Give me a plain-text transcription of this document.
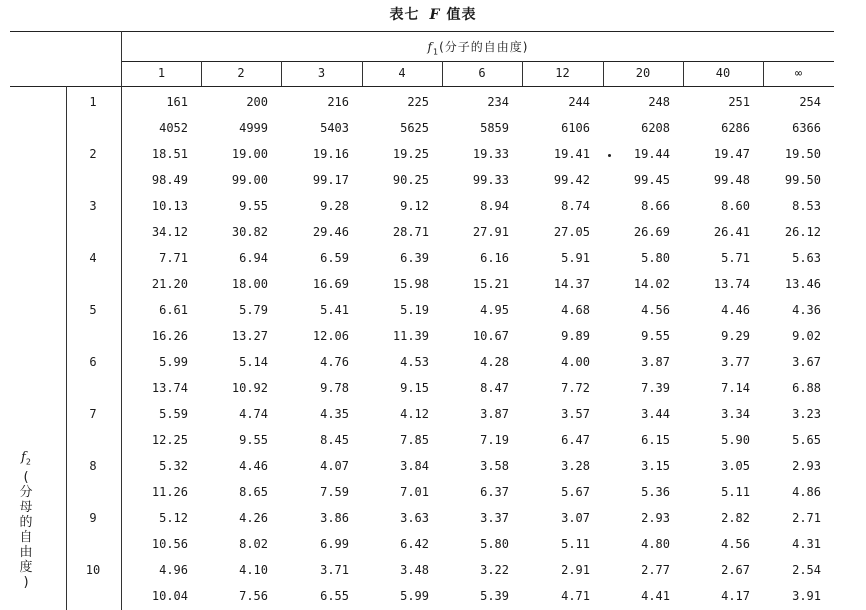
表七 F 值表
$f_1$(分子的自由度)
1	2	3	4	6	12	20	40	∞
$f_2$
(
分
母
的
自
由
度
)
1	161	200	216	225	234	244	248	251	254
4052	4999	5403	5625	5859	6106	6208	6286	6366
2	18.51	19.00	19.16	19.25	19.33	19.41	19.44	19.47	19.50
98.49	99.00	99.17	90.25	99.33	99.42	99.45	99.48	99.50
3	10.13	9.55	9.28	9.12	8.94	8.74	8.66	8.60	8.53
34.12	30.82	29.46	28.71	27.91	27.05	26.69	26.41	26.12
4	7.71	6.94	6.59	6.39	6.16	5.91	5.80	5.71	5.63
21.20	18.00	16.69	15.98	15.21	14.37	14.02	13.74	13.46
5	6.61	5.79	5.41	5.19	4.95	4.68	4.56	4.46	4.36
16.26	13.27	12.06	11.39	10.67	9.89	9.55	9.29	9.02
6	5.99	5.14	4.76	4.53	4.28	4.00	3.87	3.77	3.67
13.74	10.92	9.78	9.15	8.47	7.72	7.39	7.14	6.88
7	5.59	4.74	4.35	4.12	3.87	3.57	3.44	3.34	3.23
12.25	9.55	8.45	7.85	7.19	6.47	6.15	5.90	5.65
8	5.32	4.46	4.07	3.84	3.58	3.28	3.15	3.05	2.93
11.26	8.65	7.59	7.01	6.37	5.67	5.36	5.11	4.86
9	5.12	4.26	3.86	3.63	3.37	3.07	2.93	2.82	2.71
10.56	8.02	6.99	6.42	5.80	5.11	4.80	4.56	4.31
10	4.96	4.10	3.71	3.48	3.22	2.91	2.77	2.67	2.54
10.04	7.56	6.55	5.99	5.39	4.71	4.41	4.17	3.91
